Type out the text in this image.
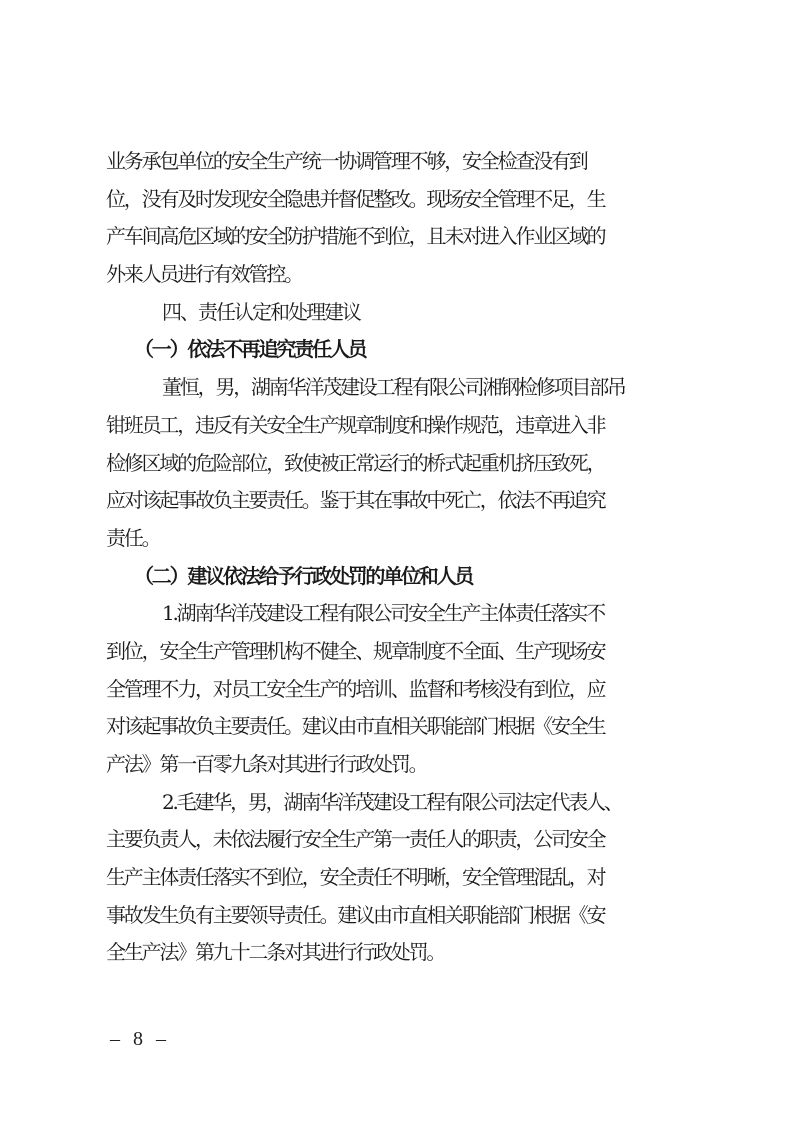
业务承包单位的安全生产统一协调管理不够，安全检查没有到
位，没有及时发现安全隐患并督促整改。现场安全管理不足，生
产车间高危区域的安全防护措施不到位，且未对进入作业区域的
外来人员进行有效管控。
四、责任认定和处理建议
（一）依法不再追究责任人员
董恒，男，湖南华洋茂建设工程有限公司湘钢检修项目部吊
钳班员工，违反有关安全生产规章制度和操作规范，违章进入非
检修区域的危险部位，致使被正常运行的桥式起重机挤压致死，
应对该起事故负主要责任。鉴于其在事故中死亡，依法不再追究
责任。
（二）建议依法给予行政处罚的单位和人员
1.湖南华洋茂建设工程有限公司安全生产主体责任落实不
到位，安全生产管理机构不健全、规章制度不全面、生产现场安
全管理不力，对员工安全生产的培训、监督和考核没有到位，应
对该起事故负主要责任。建议由市直相关职能部门根据《安全生
产法》第一百零九条对其进行行政处罚。
2.毛建华，男，湖南华洋茂建设工程有限公司法定代表人、
主要负责人，未依法履行安全生产第一责任人的职责，公司安全
生产主体责任落实不到位，安全责任不明晰，安全管理混乱，对
事故发生负有主要领导责任。建议由市直相关职能部门根据《安
全生产法》第九十二条对其进行行政处罚。
– 8 –
